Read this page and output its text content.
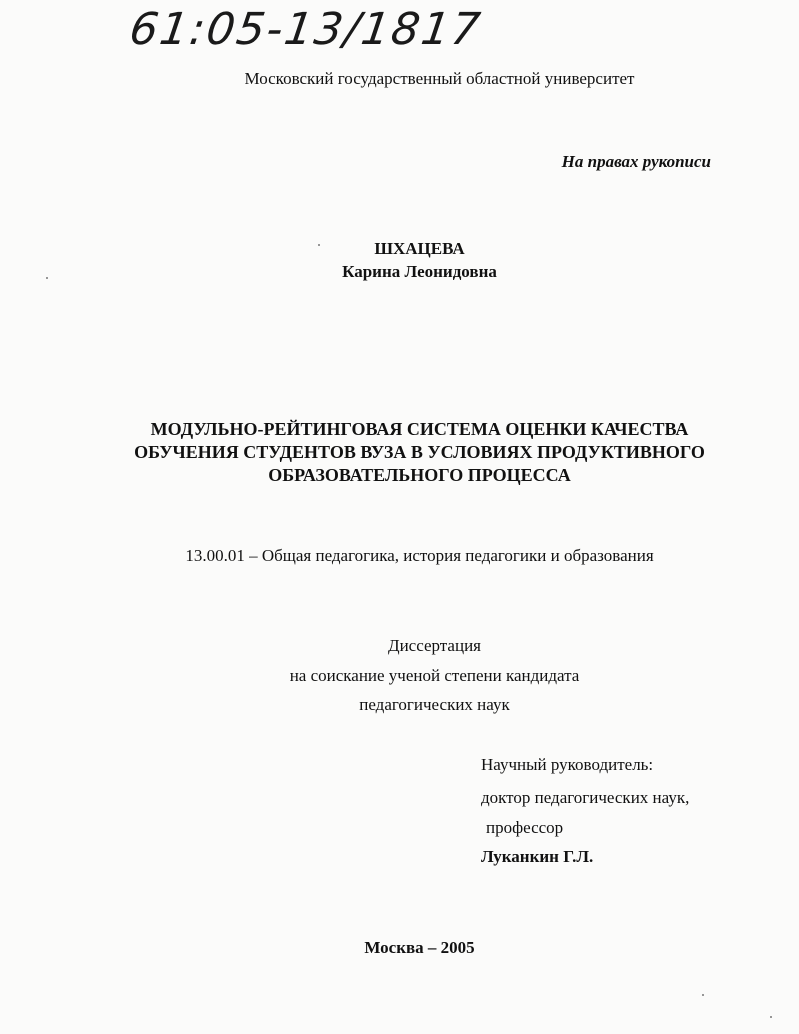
61:05-13/1817
Московский государственный областной университет
На правах рукописи
ШХАЦЕВА
Карина Леонидовна
МОДУЛЬНО-РЕЙТИНГОВАЯ СИСТЕМА ОЦЕНКИ КАЧЕСТВА
ОБУЧЕНИЯ СТУДЕНТОВ ВУЗА В УСЛОВИЯХ ПРОДУКТИВНОГО
ОБРАЗОВАТЕЛЬНОГО ПРОЦЕССА
13.00.01 – Общая педагогика, история педагогики и образования
Диссертация
на соискание ученой степени кандидата
педагогических наук
Научный руководитель:
доктор педагогических наук,
профессор
Луканкин Г.Л.
Москва – 2005
